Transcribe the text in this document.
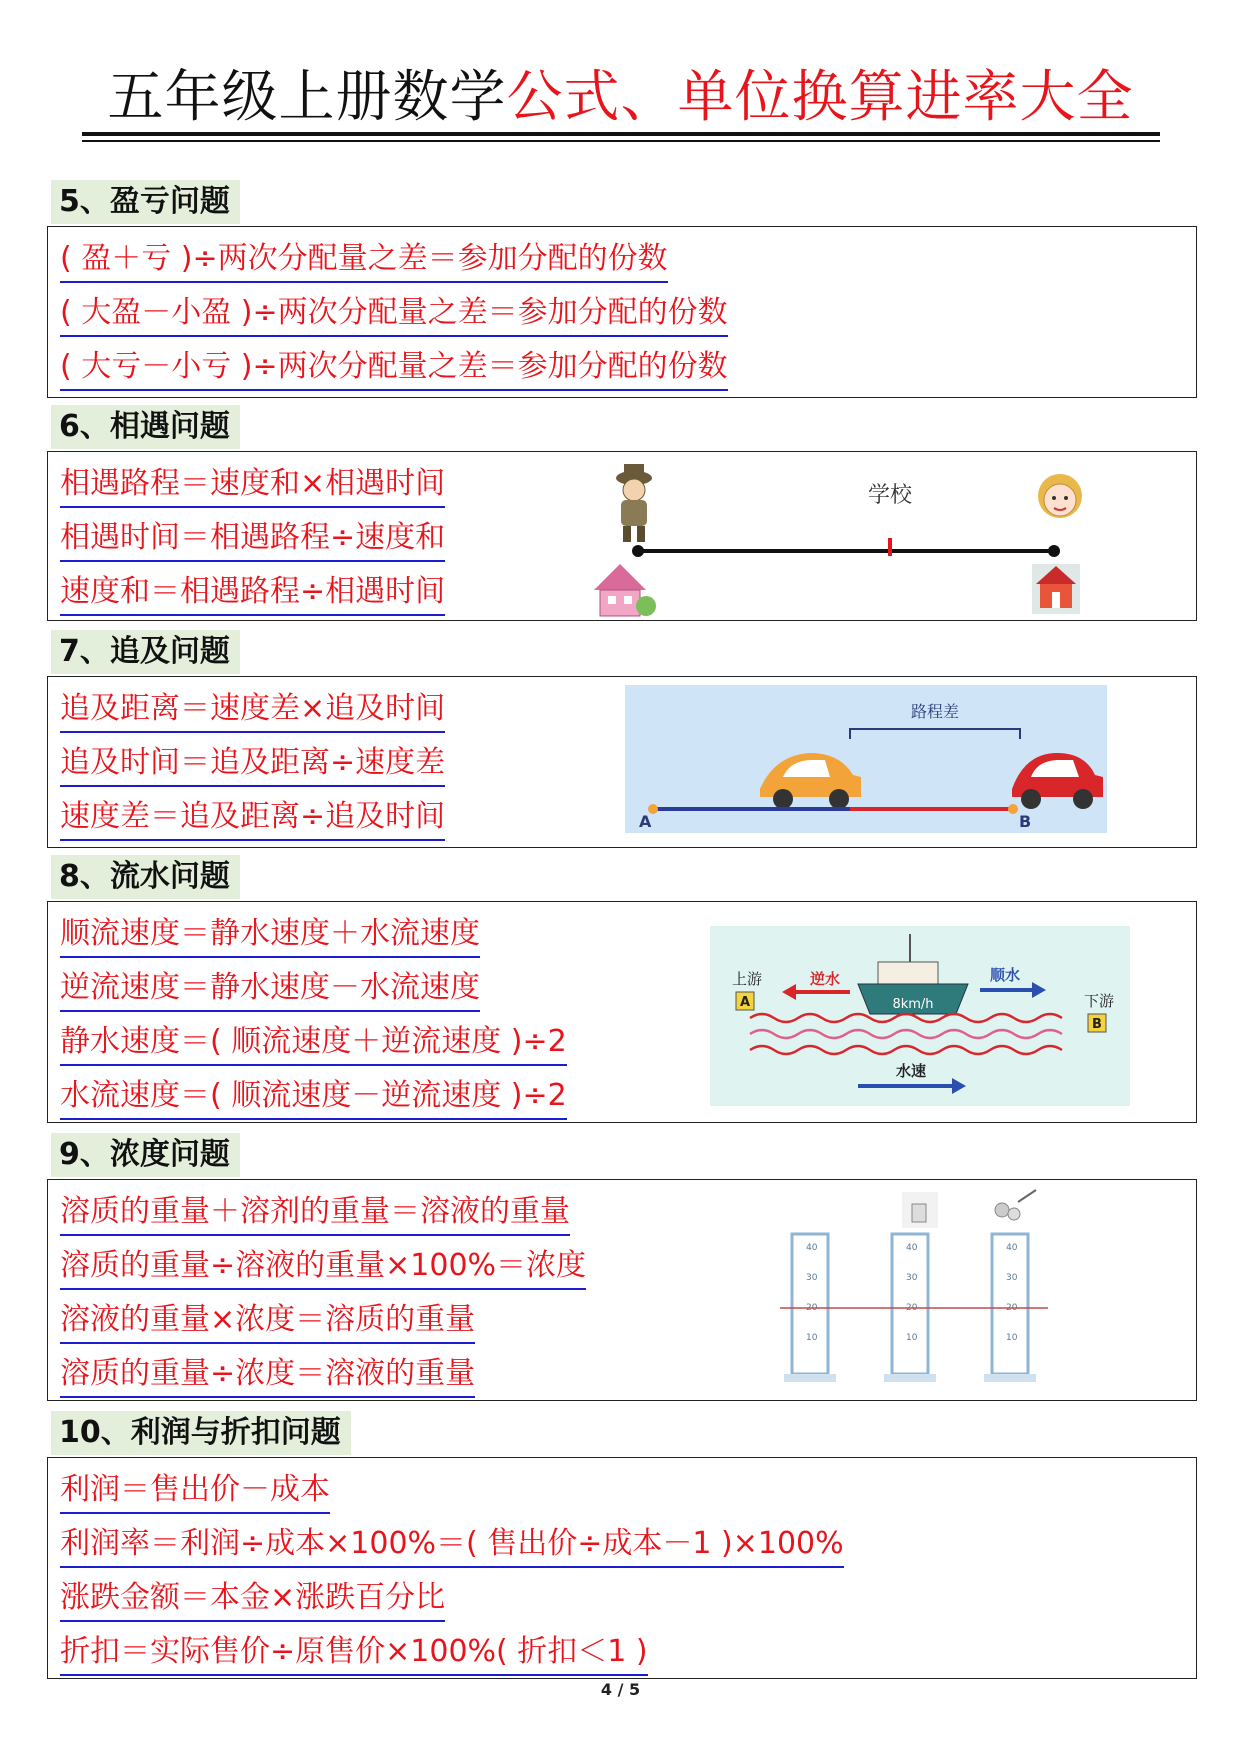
五年级上册数学公式、单位换算进率大全
5、盈亏问题
( 盈＋亏 )÷两次分配量之差＝参加分配的份数
( 大盈－小盈 )÷两次分配量之差＝参加分配的份数
( 大亏－小亏 )÷两次分配量之差＝参加分配的份数
6、相遇问题
相遇路程＝速度和×相遇时间
相遇时间＝相遇路程÷速度和
速度和＝相遇路程÷相遇时间
学校
7、追及问题
追及距离＝速度差×追及时间
追及时间＝追及距离÷速度差
速度差＝追及距离÷追及时间
路程差
A	B
8、流水问题
顺流速度＝静水速度＋水流速度
逆流速度＝静水速度－水流速度
静水速度＝( 顺流速度＋逆流速度 )÷2
水流速度＝( 顺流速度－逆流速度 )÷2
上游
A
逆水	顺水
8km/h	下游
B
水速
9、浓度问题
溶质的重量＋溶剂的重量＝溶液的重量
溶质的重量÷溶液的重量×100%＝浓度
溶液的重量×浓度＝溶质的重量
溶质的重量÷浓度＝溶液的重量
40
30
20
10
40
30
20
10
40
30
20
10
10、利润与折扣问题
利润＝售出价－成本
利润率＝利润÷成本×100%＝( 售出价÷成本－1 )×100%
涨跌金额＝本金×涨跌百分比
折扣＝实际售价÷原售价×100%( 折扣＜1 )
4 / 5
